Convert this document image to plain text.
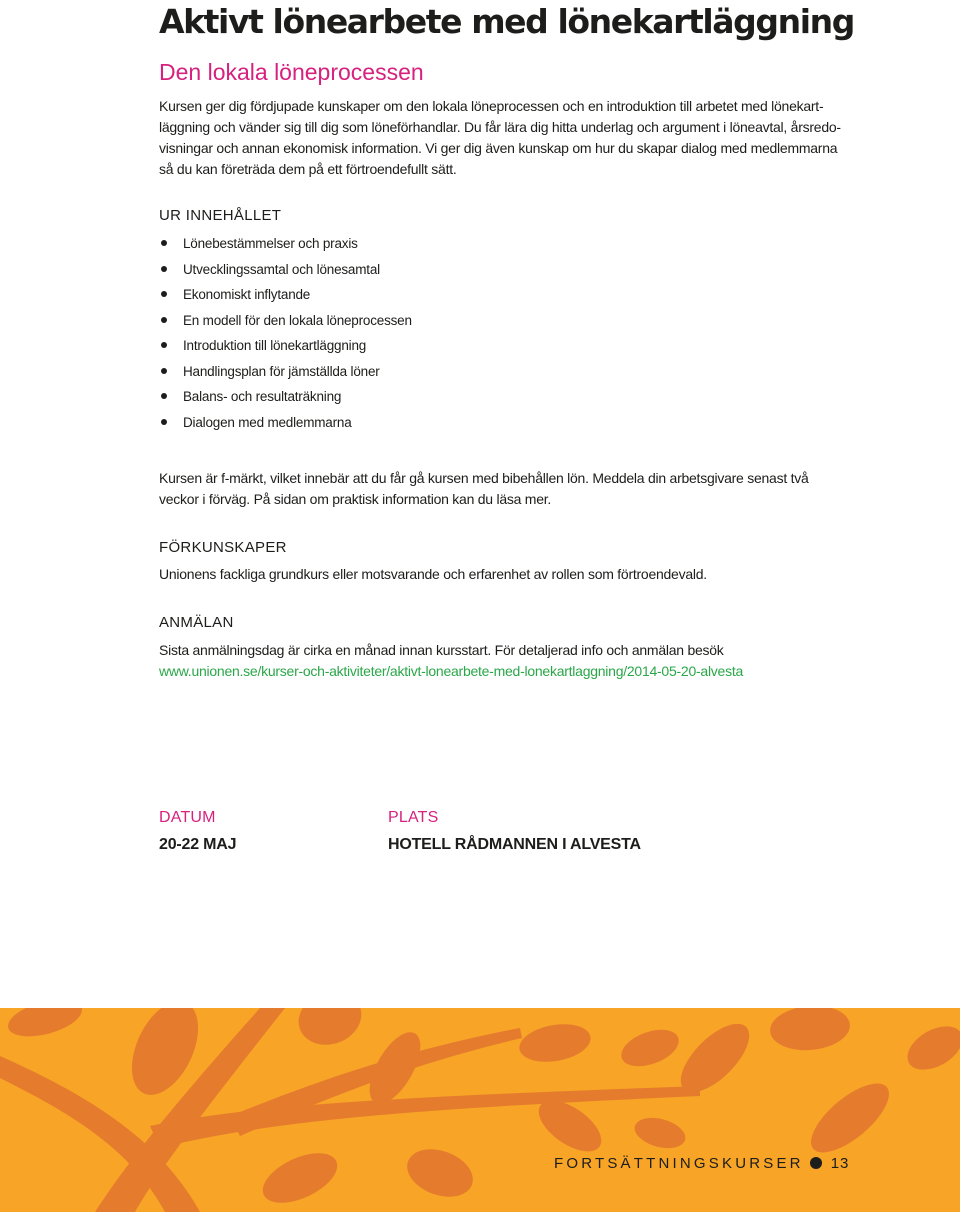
Aktivt lönearbete med lönekartläggning
Den lokala löneprocessen

Kursen ger dig fördjupade kunskaper om den lokala löneprocessen och en introduktion till arbetet med lönekart-
läggning och vänder sig till dig som löneförhandlar. Du får lära dig hitta underlag och argument i löneavtal, årsredo-
visningar och annan ekonomisk information. Vi ger dig även kunskap om hur du skapar dialog med medlemmarna
så du kan företräda dem på ett förtroendefullt sätt.

UR INNEHÅLLET
Lönebestämmelser och praxis
Utvecklingssamtal och lönesamtal
Ekonomiskt inflytande
En modell för den lokala löneprocessen
Introduktion till lönekartläggning
Handlingsplan för jämställda löner
Balans- och resultaträkning
Dialogen med medlemmarna

Kursen är f-märkt, vilket innebär att du får gå kursen med bibehållen lön. Meddela din arbetsgivare senast två
veckor i förväg. På sidan om praktisk information kan du läsa mer.

FÖRKUNSKAPER

Unionens fackliga grundkurs eller motsvarande och erfarenhet av rollen som förtroendevald.

ANMÄLAN

Sista anmälningsdag är cirka en månad innan kursstart. För detaljerad info och anmälan besök
www.unionen.se/kurser-och-aktiviteter/aktivt-lonearbete-med-lonekartlaggning/2014-05-20-alvesta

DATUM
20-22 MAJ
PLATS
HOTELL RÅDMANNEN I ALVESTA
FORTSÄTTNINGSKURSER 13
